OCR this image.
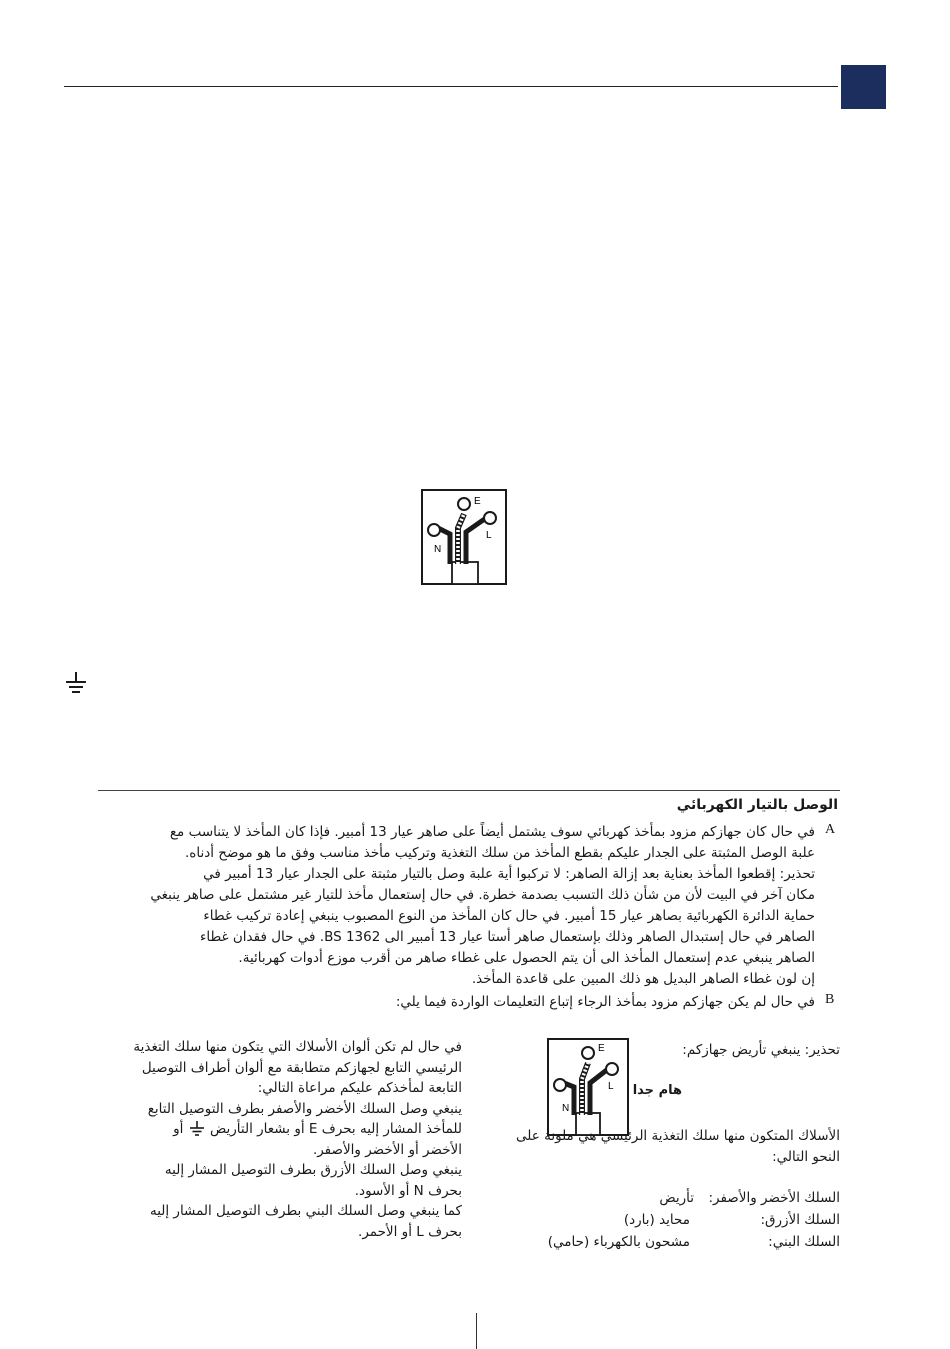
E
L
N
الوصل بالتيار الكهربائي
A
في حال كان جهازكم مزود بمأخذ كهربائي سوف يشتمل أيضاً على صاهر عيار 13 أمبير. فإذا كان المأخذ لا يتناسب مع
علبة الوصل المثبتة على الجدار عليكم بقطع المأخذ من سلك التغذية وتركيب مأخذ مناسب وفق ما هو موضح أدناه.
تحذير: إقطعوا المأخذ بعناية بعد إزالة الصاهر: لا تركبوا أية علبة وصل بالتيار مثبتة على الجدار عيار 13 أمبير في
مكان آخر في البيت لأن من شأن ذلك التسبب بصدمة خطرة. في حال إستعمال مأخذ للتيار غير مشتمل على صاهر ينبغي
حماية الدائرة الكهربائية بصاهر عيار 15 أمبير. في حال كان المأخذ من النوع المصبوب ينبغي إعادة تركيب غطاء
الصاهر في حال إستبدال الصاهر وذلك بإستعمال صاهر أستا عيار 13 أمبير الى BS 1362. في حال فقدان غطاء
الصاهر ينبغي عدم إستعمال المأخذ الى أن يتم الحصول على غطاء صاهر من أقرب موزع أدوات كهربائية.
إن لون غطاء الصاهر البديل هو ذلك المبين على قاعدة المأخذ.
B
في حال لم يكن جهازكم مزود بمأخذ الرجاء إتباع التعليمات الواردة فيما يلي:
تحذير: ينبغي تأريض جهازكم:
E
L
N
هام جدا
الأسلاك المتكون منها سلك التغذية الرئيسي هي ملونة على
النحو التالي:
السلك الأخضر والأصفر:
تأريض
السلك الأزرق:
محايد (بارد)
السلك البني:
مشحون بالكهرباء (حامي)
في حال لم تكن ألوان الأسلاك التي يتكون منها سلك التغذية
الرئيسي التابع لجهازكم متطابقة مع ألوان أطراف التوصيل
التابعة لمأخذكم عليكم مراعاة التالي:
ينبغي وصل السلك الأخضر والأصفر بطرف التوصيل التابع
للمأخذ المشار إليه بحرف E أو بشعار التأريض  أو
الأخضر أو الأخضر والأصفر.
ينبغي وصل السلك الأزرق بطرف التوصيل المشار إليه
بحرف N أو الأسود.
كما ينبغي وصل السلك البني بطرف التوصيل المشار إليه
بحرف L أو الأحمر.
